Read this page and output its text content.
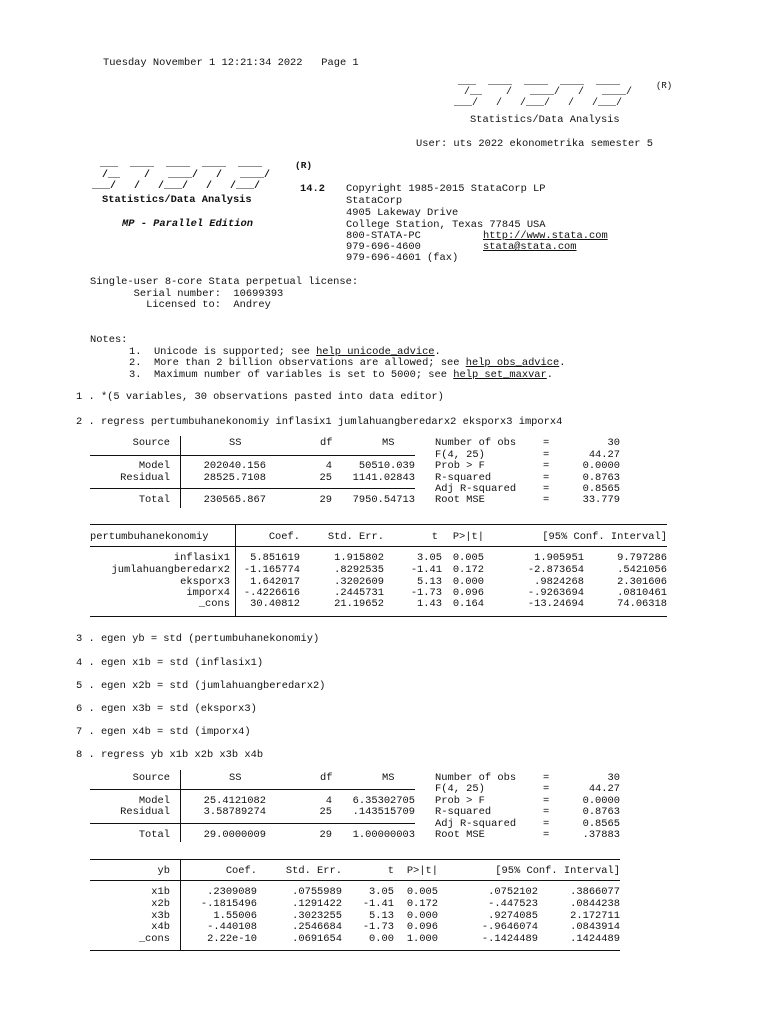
Tuesday November 1 12:21:34 2022   Page 1
___  ____  ____  ____  ____
/__    /   ____/   /   ____/
___/   /   /___/   /   /___/
(R)
Statistics/Data Analysis
User: uts 2022 ekonometrika semester 5
___  ____  ____  ____  ____
/__    /   ____/   /   ____/
___/   /   /___/   /   /___/
(R)
14.2
Statistics/Data Analysis
MP - Parallel Edition
Copyright 1985-2015 StataCorp LP
StataCorp
4905 Lakeway Drive
College Station, Texas 77845 USA
800-STATA-PC	http://www.stata.com
979-696-4600	stata@stata.com
979-696-4601 (fax)
Single-user 8-core Stata perpetual license:
Serial number:  10699393
Licensed to:  Andrey
Notes:
1.  Unicode is supported; see help unicode_advice.
2.  More than 2 billion observations are allowed; see help obs_advice.
3.  Maximum number of variables is set to 5000; see help set_maxvar.
1 . *(5 variables, 30 observations pasted into data editor)
2 . regress pertumbuhanekonomiy inflasix1 jumlahuangberedarx2 eksporx3 imporx4
Source	SS	df	MS
Model	202040.156	4	50510.039
Residual	28525.7108	25	1141.02843
Total	230565.867	29	7950.54713
Number of obs	=	30
F(4, 25)	=	44.27
Prob > F	=	0.0000
R-squared	=	0.8763
Adj R-squared	=	0.8565
Root MSE	=	33.779
pertumbuhanekonomiy	Coef.	Std. Err.	t	P>|t|	[95% Conf. Interval]
inflasix1	5.851619	1.915802	3.05	0.005	1.905951	9.797286
jumlahuangberedarx2	-1.165774	.8292535	-1.41	0.172	-2.873654	.5421056
eksporx3	1.642017	.3202609	5.13	0.000	.9824268	2.301606
imporx4	-.4226616	.2445731	-1.73	0.096	-.9263694	.0810461
_cons	30.40812	21.19652	1.43	0.164	-13.24694	74.06318
3 . egen yb = std (pertumbuhanekonomiy)
4 . egen x1b = std (inflasix1)
5 . egen x2b = std (jumlahuangberedarx2)
6 . egen x3b = std (eksporx3)
7 . egen x4b = std (imporx4)
8 . regress yb x1b x2b x3b x4b
Source	SS	df	MS
Model	25.4121082	4	6.35302705
Residual	3.58789274	25	.143515709
Total	29.0000009	29	1.00000003
Number of obs	=	30
F(4, 25)	=	44.27
Prob > F	=	0.0000
R-squared	=	0.8763
Adj R-squared	=	0.8565
Root MSE	=	.37883
yb	Coef.	Std. Err.	t	P>|t|	[95% Conf. Interval]
x1b	.2309089	.0755989	3.05	0.005	.0752102	.3866077
x2b	-.1815496	.1291422	-1.41	0.172	-.447523	.0844238
x3b	1.55006	.3023255	5.13	0.000	.9274085	2.172711
x4b	-.440108	.2546684	-1.73	0.096	-.9646074	.0843914
_cons	2.22e-10	.0691654	0.00	1.000	-.1424489	.1424489
